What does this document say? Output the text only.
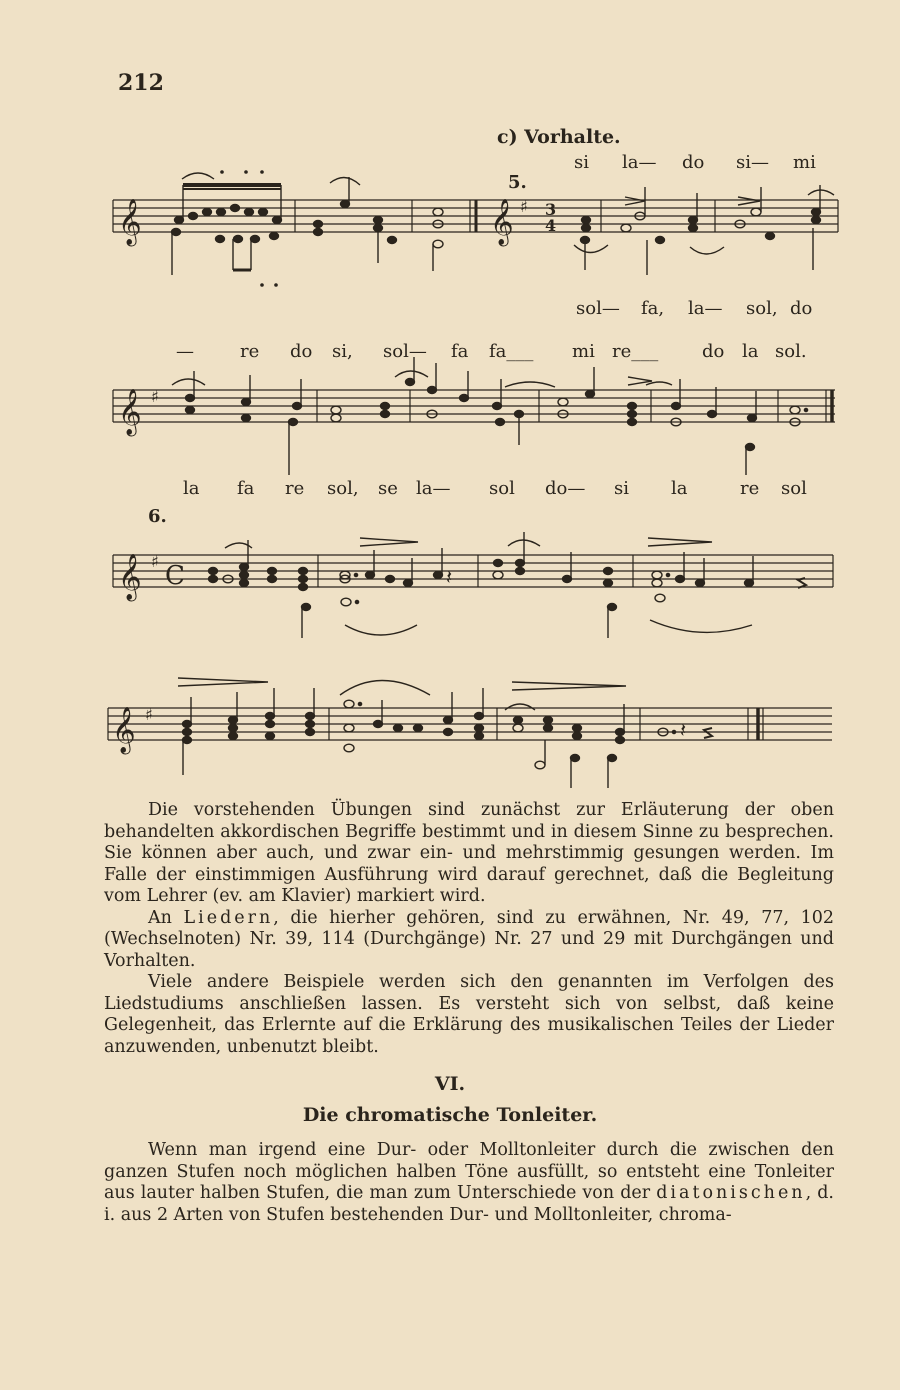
212
c) Vorhalte.
si la— do si— mi
5.
𝄞	𝄞 ♯ 3
4
sol— fa, la— sol, do
—	re do si, sol— fa fa___ mi re___ do la sol.
𝄞 ♯
la fa re sol, se la— sol do— si la	re sol
6.
𝄞 ♯ C	𝄽
𝄞 ♯
𝄽

Die vorstehenden Übungen sind zunächst zur Erläuterung der oben behandelten akkordischen Begriffe bestimmt und in diesem Sinne zu besprechen. Sie können aber auch, und zwar ein- und mehrstimmig gesungen werden. Im Falle der einstimmigen Ausführung wird darauf gerechnet, daß die Begleitung vom Lehrer (ev. am Klavier) markiert wird.

An Liedern, die hierher gehören, sind zu erwähnen, Nr. 49, 77, 102 (Wechselnoten) Nr. 39, 114 (Durchgänge) Nr. 27 und 29 mit Durchgängen und Vorhalten.

Viele andere Beispiele werden sich den genannten im Verfolgen des Liedstudiums anschließen lassen. Es versteht sich von selbst, daß keine Gelegenheit, das Erlernte auf die Erklärung des musikalischen Teiles der Lieder anzuwenden, unbenutzt bleibt.

VI.
Die chromatische Tonleiter.

Wenn man irgend eine Dur- oder Molltonleiter durch die zwischen den ganzen Stufen noch möglichen halben Töne ausfüllt, so entsteht eine Tonleiter aus lauter halben Stufen, die man zum Unterschiede von der diatonischen, d. i. aus 2 Arten von Stufen bestehenden Dur- und Molltonleiter, chroma-
